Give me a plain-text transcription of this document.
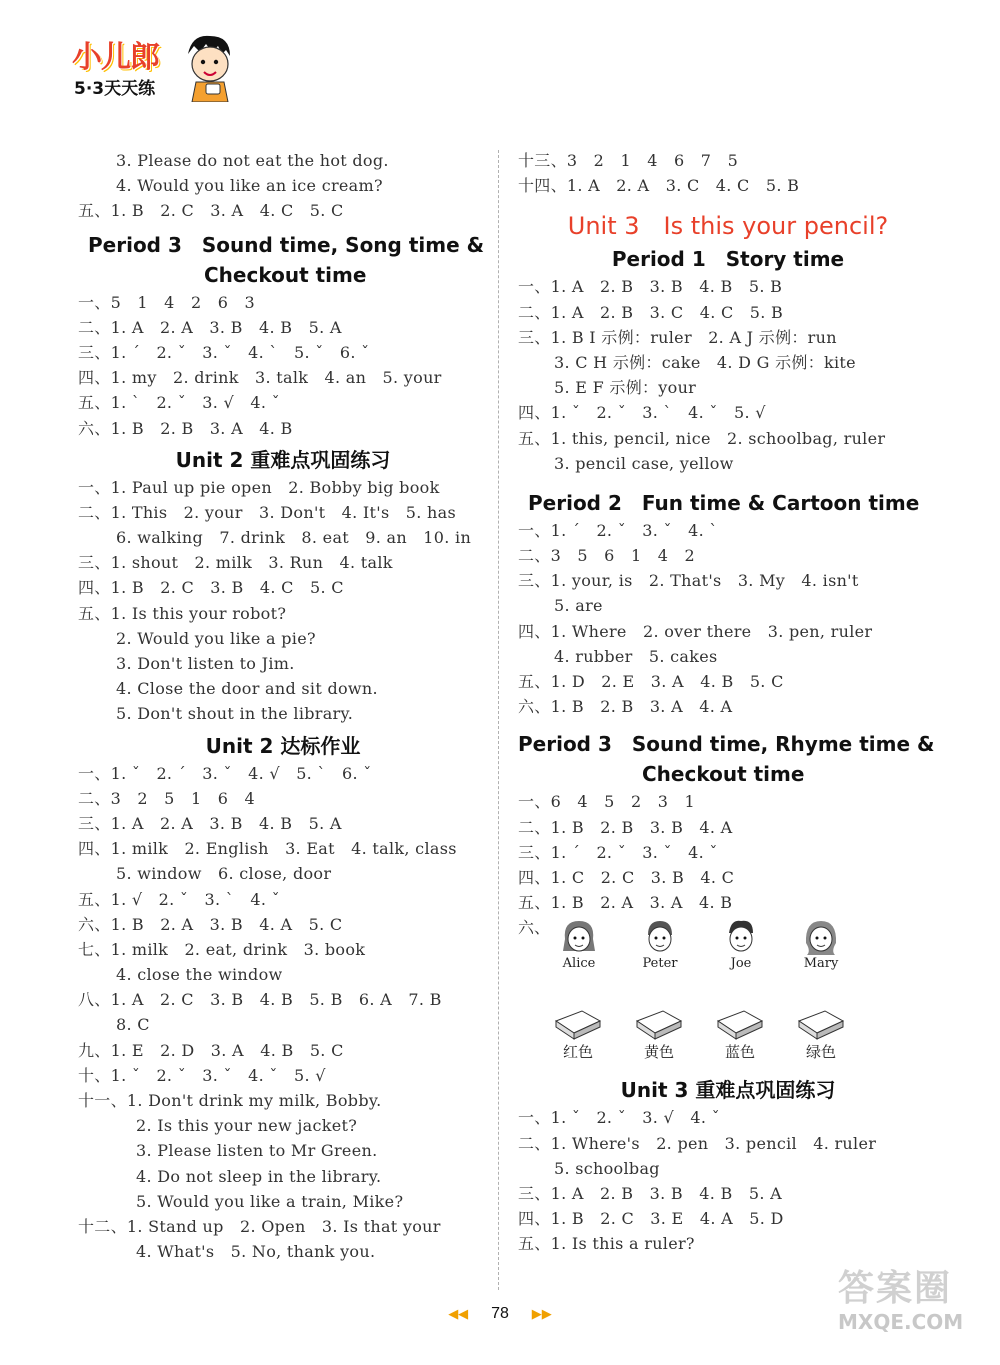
小儿郎
5·3天天练
3. Please do not eat the hot dog.
4. Would you like an ice cream?
五、1. B　2. C　3. A　4. C　5. C
Period 3　Sound time, Song time &
Checkout time
一、5　1　4　2　6　3
二、1. A　2. A　3. B　4. B　5. A
三、1. ˊ　2. ˇ　3. ˇ　4. ˋ　5. ˇ　6. ˇ
四、1. my　2. drink　3. talk　4. an　5. your
五、1. ˋ　2. ˇ　3. √　4. ˇ
六、1. B　2. B　3. A　4. B
Unit 2 重难点巩固练习
一、1. Paul up pie open　2. Bobby big book
二、1. This　2. your　3. Don't　4. It's　5. has
6. walking　7. drink　8. eat　9. an　10. in
三、1. shout　2. milk　3. Run　4. talk
四、1. B　2. C　3. B　4. C　5. C
五、1. Is this your robot?
2. Would you like a pie?
3. Don't listen to Jim.
4. Close the door and sit down.
5. Don't shout in the library.
Unit 2 达标作业
一、1. ˇ　2. ˊ　3. ˇ　4. √　5. ˋ　6. ˇ
二、3　2　5　1　6　4
三、1. A　2. A　3. B　4. B　5. A
四、1. milk　2. English　3. Eat　4. talk, class
5. window　6. close, door
五、1. √　2. ˇ　3. ˋ　4. ˇ
六、1. B　2. A　3. B　4. A　5. C
七、1. milk　2. eat, drink　3. book
4. close the window
八、1. A　2. C　3. B　4. B　5. B　6. A　7. B
8. C
九、1. E　2. D　3. A　4. B　5. C
十、1. ˇ　2. ˇ　3. ˇ　4. ˇ　5. √
十一、1. Don't drink my milk, Bobby.
2. Is this your new jacket?
3. Please listen to Mr Green.
4. Do not sleep in the library.
5. Would you like a train, Mike?
十二、1. Stand up　2. Open　3. Is that your
4. What's　5. No, thank you.
十三、3　2　1　4　6　7　5
十四、1. A　2. A　3. C　4. C　5. B
Unit 3　Is this your pencil?
Period 1　Story time
一、1. A　2. B　3. B　4. B　5. B
二、1. A　2. B　3. C　4. C　5. B
三、1. B I 示例：ruler　2. A J 示例：run
3. C H 示例：cake　4. D G 示例：kite
5. E F 示例：your
四、1. ˇ　2. ˇ　3. ˋ　4. ˇ　5. √
五、1. this, pencil, nice　2. schoolbag, ruler
3. pencil case, yellow
Period 2　Fun time & Cartoon time
一、1. ˊ　2. ˇ　3. ˇ　4. ˋ
二、3　5　6　1　4　2
三、1. your, is　2. That's　3. My　4. isn't
5. are
四、1. Where　2. over there　3. pen, ruler
4. rubber　5. cakes
五、1. D　2. E　3. A　4. B　5. C
六、1. B　2. B　3. A　4. A
Period 3　Sound time, Rhyme time &
Checkout time
一、6　4　5　2　3　1
二、1. B　2. B　3. B　4. A
三、1. ˊ　2. ˇ　3. ˇ　4. ˇ
四、1. C　2. C　3. B　4. C
五、1. B　2. A　3. A　4. B
六、
Alice	Peter	Joe	Mary
红色	黄色	蓝色	绿色
Unit 3 重难点巩固练习
一、1. ˇ　2. ˇ　3. √　4. ˇ
二、1. Where's　2. pen　3. pencil　4. ruler
5. schoolbag
三、1. A　2. B　3. B　4. B　5. A
四、1. B　2. C　3. E　4. A　5. D
五、1. Is this a ruler?
◀◀ 78 ▶▶
答案圈
MXQE.COM
